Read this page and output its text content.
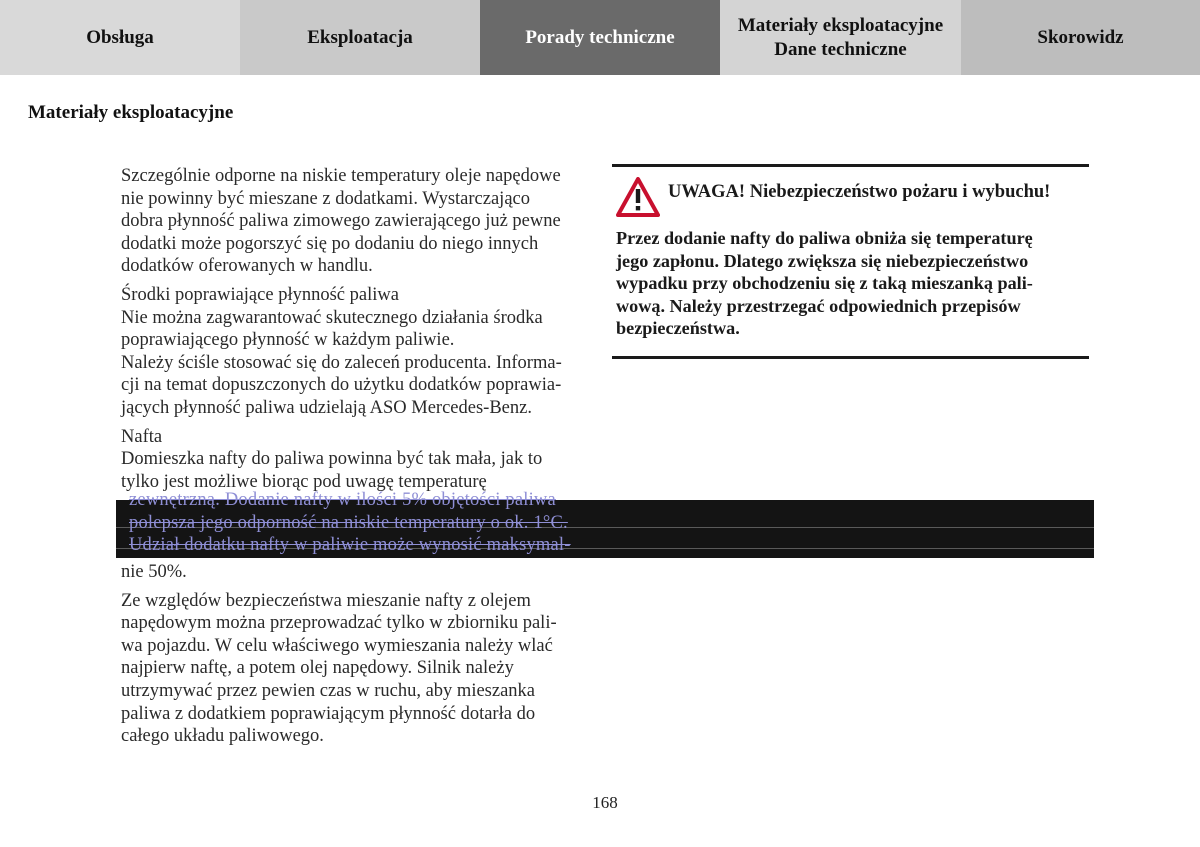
Obsługa	Eksploatacja	Porady techniczne
Materiały eksploatacyjne
Dane techniczne
Skorowidz
Materiały eksploatacyjne

Szczególnie odporne na niskie temperatury oleje napędowe

nie powinny być mieszane z dodatkami. Wystarczająco

dobra płynność paliwa zimowego zawierającego już pewne

dodatki może pogorszyć się po dodaniu do niego innych

dodatków oferowanych w handlu.

Środki poprawiające płynność paliwa

Nie można zagwarantować skutecznego działania środka

poprawiającego płynność w każdym paliwie.

Należy ściśle stosować się do zaleceń producenta. Informa-

cji na temat dopuszczonych do użytku dodatków poprawia-

jących płynność paliwa udzielają ASO Mercedes-Benz.

Nafta

Domieszka nafty do paliwa powinna być tak mała, jak to

tylko jest możliwe biorąc pod uwagę temperaturę

nie 50%.

Ze względów bezpieczeństwa mieszanie nafty z olejem

napędowym można przeprowadzać tylko w zbiorniku pali-

wa pojazdu. W celu właściwego wymieszania należy wlać

najpierw naftę, a potem olej napędowy. Silnik należy

utrzymywać przez pewien czas w ruchu, aby mieszanka

paliwa z dodatkiem poprawiającym płynność dotarła do

całego układu paliwowego.

zewnętrzną. Dodanie nafty w ilości 5% objętości paliwa

polepsza jego odporność na niskie temperatury o ok. 1°C.

Udział dodatku nafty w paliwie może wynosić maksymal-

UWAGA! Niebezpieczeństwo pożaru i wybuchu!
Przez dodanie nafty do paliwa obniża się temperaturę
jego zapłonu. Dlatego zwiększa się niebezpieczeństwo
wypadku przy obchodzeniu się z taką mieszanką pali-
wową. Należy przestrzegać odpowiednich przepisów
bezpieczeństwa.
168
